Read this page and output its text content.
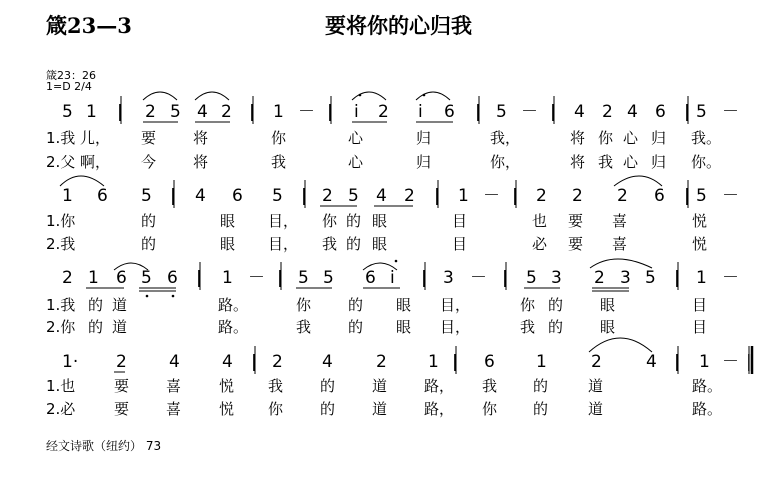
箴23—3	要将你的心归我
箴23：26
1=D 2/4
5 1 | 2 5 4 2 | 1 － | i 2 i 6 | 5 － | 4 2 4 6 | 5 －
1.我 儿， 要 将	你	心	归	我，	将 你 心 归 我。
2.父 啊， 今 将	我	心	归	你，	将 我 心 归 你。
1 6 5 | 4 6 5 | 2 5 4 2 | 1 － | 2 2 2 6 | 5 －
1.你	的	眼 目， 你 的 眼	目	也 要 喜	悦
2.我	的	眼 目， 我 的 眼	目	必 要 喜	悦
2 1 6 5 6 | 1 － | 5 5 6 i | 3 － | 5 3 2 3 5 | 1 －
1.我 的 道	路。	你 的 眼 目，	你 的 眼	目
2.你 的 道	路。	我 的 眼 目，	我 的 眼	目
1· 2 4 4 | 2 4	2 1 | 6 1	2	4 | 1 － ‖
1.也	要 喜	悦 我 的 道 路， 我 的	道	路。
2.必	要 喜	悦 你 的 道 路， 你 的	道	路。
经文诗歌（纽约） 73
